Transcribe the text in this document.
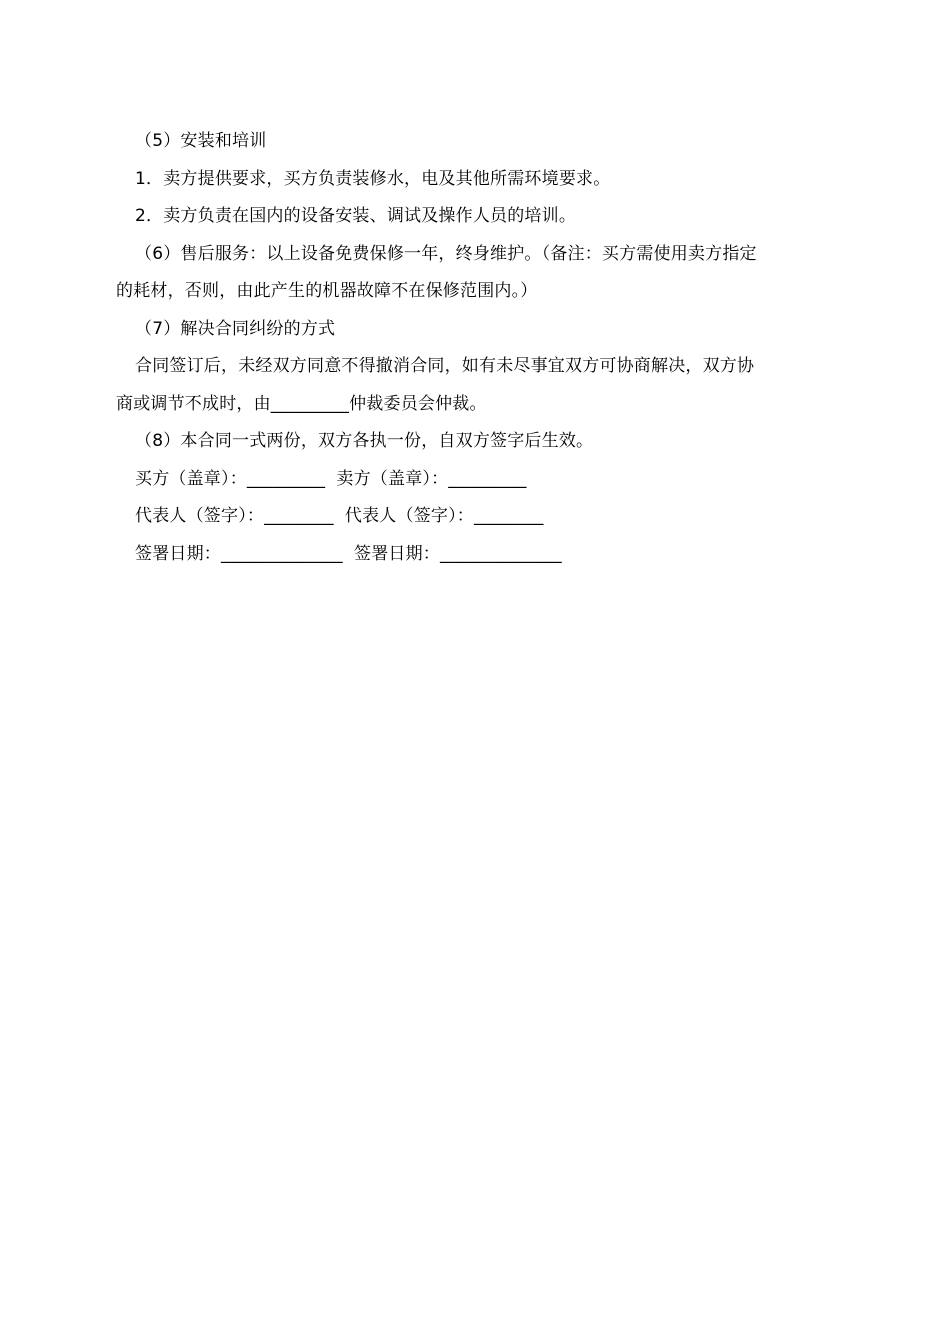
（5）安装和培训
1．卖方提供要求，买方负责装修水，电及其他所需环境要求。
2．卖方负责在国内的设备安装、调试及操作人员的培训。
（6）售后服务：以上设备免费保修一年，终身维护。（备注：买方需使用卖方指定
的耗材，否则，由此产生的机器故障不在保修范围内。）
（7）解决合同纠纷的方式
合同签订后，未经双方同意不得撤消合同，如有未尽事宜双方可协商解决，双方协
商或调节不成时，由_________仲裁委员会仲裁。
（8）本合同一式两份，双方各执一份，自双方签字后生效。
买方（盖章）：_________  卖方（盖章）：_________
代表人（签字）：________  代表人（签字）：________
签署日期：______________  签署日期：______________
